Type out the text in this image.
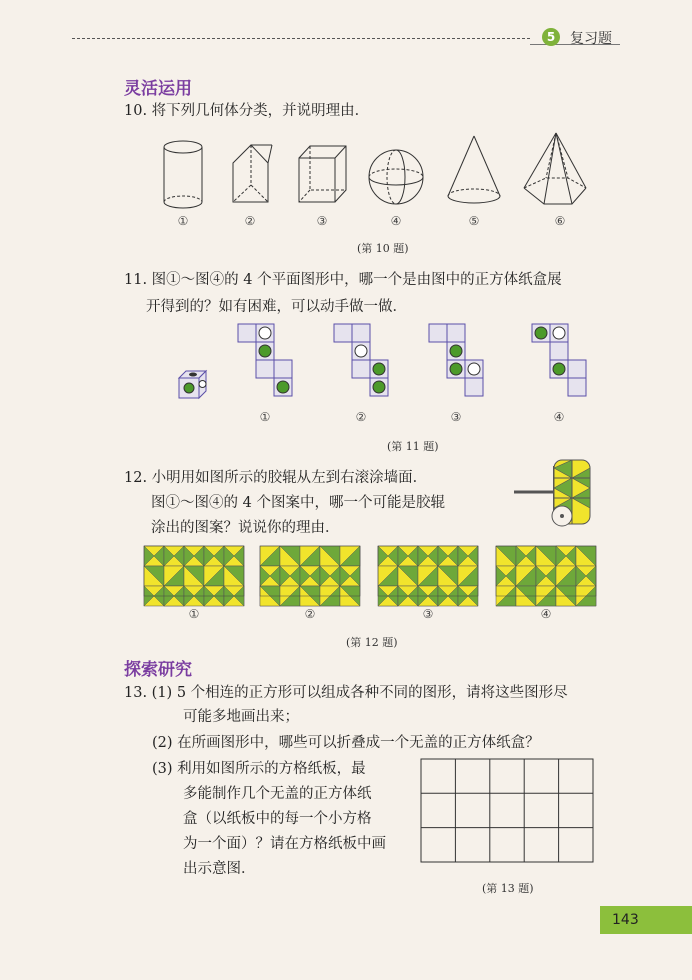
5	复习题
灵活运用
10. 将下列几何体分类，并说明理由．
①	②	③	④	⑤	⑥
(第 10 题)
11. 图①～图④的 4 个平面图形中，哪一个是由图中的正方体纸盒展
开得到的？如有困难，可以动手做一做．
①	②	③	④
(第 11 题)
12. 小明用如图所示的胶辊从左到右滚涂墙面．
图①～图④的 4 个图案中，哪一个可能是胶辊
涂出的图案？说说你的理由．
①	②	③	④
(第 12 题)
探索研究
13. (1) 5 个相连的正方形可以组成各种不同的图形，请将这些图形尽
可能多地画出来；
(2) 在所画图形中，哪些可以折叠成一个无盖的正方体纸盒？
(3) 利用如图所示的方格纸板，最
多能制作几个无盖的正方体纸
盒（以纸板中的每一个小方格
为一个面）？请在方格纸板中画
出示意图．
(第 13 题)
143
